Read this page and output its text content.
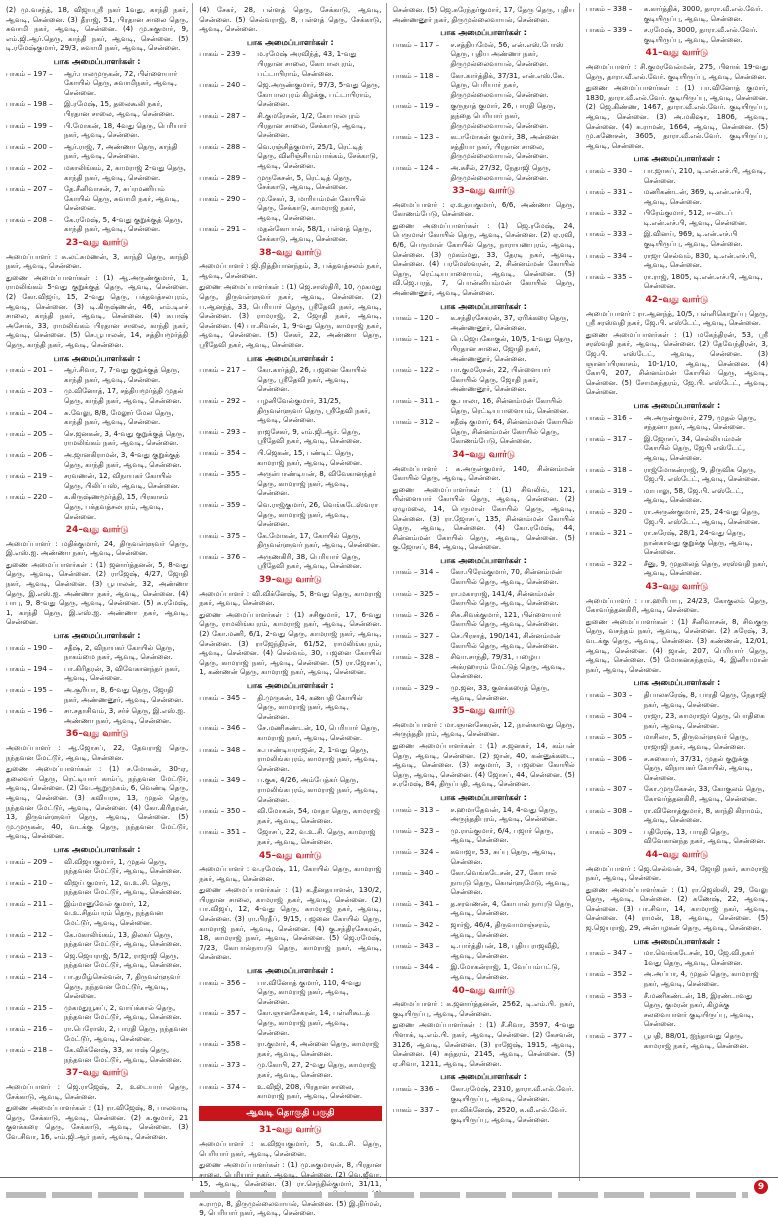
(2) மு.வசந்த், 18, விஜயஸ்ரீ நகர் 1வது, காந்தி நகர், ஆவடி, சென்னை. (3) தீராஜ், 51, பிரதான சாலை தெரு, சுவாமி நகர், ஆவடி, சென்னை. (4) மு.சுகுமார், 9, எம்.ஜி.ஆர்.தெரு, காந்தி நகர், ஆவடி, சென்னை. (5) டி.ரமேஷ்குமார், 29/3, சுவாமி நகர், ஆவடி, சென்னை.
பாக அமைப்பாளர்கள் :
பாகம் – 197 –	ஆர்.பாலமுருகன், 72, பிள்ளையார் கோயில் தெரு, சுவாமிநகர், ஆவடி, சென்னை.
பாகம் – 198 –	இ.ரமேஷ், 15, தலைகூலி நகர், பிரதான சாலை, ஆவடி, சென்னை.
பாகம் – 199 –	பி.மோகன், 18, 4வது தெரு, பெரியார் நகர், ஆவடி, சென்னை.
பாகம் – 200 –	ஆர்.ராஜ், 7, அண்ணா தெரு, காந்தி நகர், ஆவடி, சென்னை.
பாகம் – 202 –	மகாலிங்கம், 2, காமராஜ் 2-வது தெரு, காந்தி நகர், ஆவடி, சென்னை.
பாகம் – 207 –	தே.சீனிவாசன், 7, சுப்ரமணியம் கோயில் தெரு, சுவாமி நகர், ஆவடி, சென்னை.
பாகம் – 208 –	கே.ரமேஷ், 5, 4-வது குறுக்குத் தெரு, காந்தி நகர், ஆவடி, சென்னை.
23–வது வார்டு
அமைப்பாளர் : சு.லட்சுமணன், 3, காந்தி தெரு, காந்தி நகர், ஆவடி, சென்னை.
துணை அமைப்பாளர்கள் : (1) ஆ.அருண்குமார், 1, ராமலிங்கம் 5-வது குறுக்குத் தெரு, ஆவடி, சென்னை. (2) கோ.விஜய், 15, 2-வது தெரு, பக்தவத்சலபுரம், ஆவடி, சென்னை. (3) டி.கிருஷ்ணன், 46, எம்.டிஎச் சாலை, காந்தி நகர், ஆவடி, சென்னை. (4) சுபாஷ் அசோக், 33, ராமலிங்கம் பிரதான சாலை, காந்தி நகர், ஆவடி, சென்னை. (5) செ.பூபாலன், 14, சத்தியமூர்த்தி தெரு, காந்தி நகர், ஆவடி, சென்னை.
பாக அமைப்பாளர்கள் :
பாகம் – 201 –	ஆர்.சிவா, 7, 7-வது குறுக்குத் தெரு, காந்தி நகர், ஆவடி, சென்னை.
பாகம் – 203 –	மு.வினோத், 17, சத்தியமூர்த்தி முதல் தெரு, காந்தி நகர், ஆவடி, சென்னை.
பாகம் – 204 –	சு.வேலு, 8/8, மேலூர் மேல தெரு, காந்தி நகர், ஆவடி, சென்னை.
பாகம் – 205 –	செ.ஜனகன், 3, 4-வது குறுக்குத் தெரு, ராமலிங்கம் நகர், ஆவடி, சென்னை.
பாகம் – 206 –	அ.ஜானகிராமன், 3, 4-வது குறுக்குத் தெரு, காந்தி நகர், ஆவடி, சென்னை.
பாகம் – 219 –	சரவணன், 12, விநாயகர் கோயில் தெரு, பிலிப்பஸ், ஆவடி, சென்னை.
பாகம் – 220 –	க.கிருஷ்ணமூர்த்தி, 15, பிரகாசம் தெரு, பக்தவத்சலபுரம், ஆவடி, சென்னை.
24–வது வார்டு
அமைப்பாளர் : மதிக்குமார், 24, திருவள்ளுவர் தெரு, இ.எஸ்.ஐ. அண்ணா நகர், ஆவடி, சென்னை.
துணை அமைப்பாளர்கள் : (1) ஜனார்த்தனன், 5, 8-வது தெரு, ஆவடி, சென்னை. (2) ராஜேஷ், 4/27, ஜோதி நகர், ஆவடி, சென்னை. (3) பூபாலன், 32, அண்ணா தெரு, இ.எஸ்.ஐ. அண்ணா நகர், ஆவடி, சென்னை. (4) பாபு, 9, 8-வது தெரு, ஆவடி, சென்னை. (5) சு.ரமேஷ், 1, காந்தி தெரு, இ.எஸ்.ஐ. அண்ணா நகர், ஆவடி, சென்னை.
பாக அமைப்பாளர்கள் :
பாகம் – 190 –	சதீஷ், 2, விநாயகர் கோயில் தெரு, நாகம்மை நகர், ஆவடி, சென்னை.
பாகம் – 194 –	பா.கிரிதரன், 3, விவேகானந்தர் நகர், ஆவடி, சென்னை.
பாகம் – 195 –	அ.சூரியா, 8, 6-வது தெரு, ஜோதி நகர், அண்ணனூர், ஆவடி, சென்னை.
பாகம் – 196 –	சா.சதாசிவம், 3, சர்ச் தெரு, இ.எஸ்.ஐ. அண்ணா நகர், ஆவடி, சென்னை.
36–வது வார்டு
அமைப்பாளர் : ஆ.ஜோசப், 22, தேவராஜ் தெரு, நந்தவன மேட்டூர், ஆவடி, சென்னை.
துணை அமைப்பாளர்கள் : (1) ச.மோகன், 30-ஏ, தலைவர் தெரு, ரெட்டியார் காம்ப், நந்தவன மேட்டூர், ஆவடி, சென்னை. (2) வே.ஆறுமுகம், 6, வெண்டி தெரு, ஆவடி, சென்னை. (3) கவியரசு, 13, முதல் தெரு, நந்தவன மேட்டூர், ஆவடி, சென்னை. (4) கோ.கிரிதரன், 13, திருவள்ளுவர் தெரு, ஆவடி, சென்னை. (5) மு.முருகன், 40, வடக்கு தெரு, நந்தவன மேட்டூர், ஆவடி, சென்னை.
பாக அமைப்பாளர்கள் :
பாகம் – 209 –	வி.விஜயகுமார், 1, முதல் தெரு, நந்தவன மேட்டூர், ஆவடி, சென்னை.
பாகம் – 210 –	விஜய் குமார், 12, வ.உ.சி. தெரு, நந்தவன மேட்டூர், ஆவடி, சென்னை.
பாகம் – 211 –	இம்மானுவேல் குமார், 12, வ.உ.சிதம்பரம் தெரு, நந்தவன மேட்டூர், ஆவடி, சென்னை.
பாகம் – 212 –	கே.மகாலிங்கம், 13, திலகர் தெரு, நந்தவன மேட்டூர், ஆவடி, சென்னை.
பாகம் – 213 –	ஜெ.ஜெயராஜ், 5/12, ராஜாஜி தெரு, நந்தவன மேட்டூர், ஆவடி, சென்னை.
பாகம் – 214 –	பா.தமிழ்செல்வன், 7, திருவள்ளுவர் தெரு, நந்தவன மேட்டூர், ஆவடி, சென்னை.
பாகம் – 215 –	முகமதுயூசுப், 2, வாய்க்கால் தெரு, நந்தவன மேட்டூர், ஆவடி, சென்னை.
பாகம் – 216 –	ரா.பெரோஸ், 2, பாரதி தெரு, நந்தவன மேட்டூர், ஆவடி, சென்னை.
பாகம் – 218 –	கே.விக்னேஷ், 33, சுபாஷ் தெரு, நந்தவன மேட்டூர், ஆவடி, சென்னை.
37–வது வார்டு
அமைப்பாளர் : ஜெ.ராஜேஷ், 2, உடையார் தெரு, சேக்காடு, ஆவடி, சென்னை.
துணை அமைப்பாளர்கள் : (1) ரா.விஜேஷ், 8, பாலவாடி தெரு, சேக்காடு, ஆவடி, சென்னை. (2) க.குமார், 21 குளக்கரை தெரு, சேக்காடு, ஆவடி, சென்னை. (3) வே.சிவா, 16, எம்.ஜி.ஆர் நகர், ஆவடி, சென்னை.
(4) சேகர், 28, பள்ளத் தெரு, சேக்காடு, ஆவடி, சென்னை. (5) செல்வராஜ், 8, பள்ளத் தெரு, சேக்காடு, ஆவடி, சென்னை.
பாக அமைப்பாளர்கள் :
பாகம் – 239 –	ம.ரமேஷ் அரவிந்த், 43, 1-வது பிரதான சாலை, கோபாலபுரம், பட்டாபிராம், சென்னை.
பாகம் – 240 –	ஜெ.அருண்குமார், 97/3, 5-வது தெரு, கோபாலபுரம் கிழக்கு, பட்டாபிராம், சென்னை.
பாகம் – 287 –	சி.குமரேசன், 1/2, கோபாலபுரம் பிரதான சாலை, சேக்காடு, ஆவடி, சென்னை.
பாகம் – 288 –	வெ.ரஞ்சித்குமார், 25/1, ரெட்டித் தெரு, விளிஞ்சியம்பாக்கம், சேக்காடு, ஆவடி, சென்னை.
பாகம் – 289 –	முருகேசன், 5, ரெட்டித் தெரு, சேக்காடு, ஆவடி, சென்னை.
பாகம் – 290 –	மு.சேகர், 3, மாரியம்மன் கோயில் தெரு, சேக்காடு, காமராஜ் நகர், ஆவடி, சென்னை.
பாகம் – 291 –	மதன்கோபால், 58/1, பள்ளத் தெரு, சேக்காடு, ஆவடி, சென்னை.
38–வது வார்டு
அமைப்பாளர் : ஜி.நித்தியானந்தம், 3, பக்தவத்சலம் நகர், ஆவடி, சென்னை.
துணை அமைப்பாளர்கள் : (1) ஜெ.சாஸ்திரி, 10, முகமது தெரு, திருவள்ளுவர் நகர், ஆவடி, சென்னை. (2) ப.ஆனந்த், 33, பெரியார் தெரு, ஸ்ரீதேவி நகர், ஆவடி, சென்னை. (3) ராமராஜ், 2, ஜோதி நகர், ஆவடி, சென்னை. (4) பா.சிவன், 1, 9-வது தெரு, காமராஜ் நகர், ஆவடி, சென்னை. (5) சேகர், 22, அண்ணா தெரு, ஸ்ரீதேவி நகர், ஆவடி, சென்னை.
பாக அமைப்பாளர்கள் :
பாகம் – 217 –	கோ.கார்த்தி, 26, பஜனை கோயில் தெரு, ஸ்ரீதேவி நகர், ஆவடி, சென்னை.
பாகம் – 292 –	பழனிவேல்குமார், 31/25, திருவள்ளுவர் தெரு, ஸ்ரீதேவி நகர், ஆவடி, சென்னை.
பாகம் – 293 –	ராஜசேகர், 9, எம்.ஜி.ஆர். தெரு, ஸ்ரீதேவி நகர், ஆவடி, சென்னை.
பாகம் – 354 –	பி.ஜெகன், 15, பண்டிட் தெரு, காமராஜ் நகர், ஆவடி, சென்னை.
பாகம் – 355 –	அருள்பாண்டியன், 8, விவேகானந்தர் தெரு, காமராஜ் நகர், ஆவடி, சென்னை.
பாகம் – 359 –	வெ.ராஜ்குமார், 26, வெங்கடேஸ்வரா தெரு, காமராஜ் நகர், ஆவடி, சென்னை.
பாகம் – 375 –	கே.மோகன், 17, கோயில் தெரு, திருவள்ளுவர் நகர், ஆவடி, சென்னை.
பாகம் – 376 –	அருணகிரி, 38, பெரியார் தெரு, ஸ்ரீதேவி நகர், ஆவடி, சென்னை.
39–வது வார்டு
அமைப்பாளர் : வி.விக்னேஷ், 5, 8-வது தெரு, காமராஜ் நகர், ஆவடி, சென்னை.
துணை அமைப்பாளர்கள் : (1) சசிகுமார், 17, 6-வது தெரு, ராமலிங்கபுரம், காமராஜ் நகர், ஆவடி, சென்னை. (2) கோ.மணி, 6/1, 2-வது தெரு, காமராஜ் நகர், ஆவடி, சென்னை. (3) ராஜேந்திரன், 61/52, ராமலிங்கபுரம், ஆவடி, சென்னை. (4) செல்வம், 30, பஜனை கோயில் தெரு, காமராஜ் நகர், ஆவடி, சென்னை. (5) ரா.ஜோசப், 1, கண்ணன் தெரு, காமராஜ் நகர், ஆவடி, சென்னை.
பாக அமைப்பாளர்கள் :
பாகம் – 345 –	தி.முருகன், 14, கணபதி கோயில் தெரு, காமராஜ் நகர், ஆவடி, சென்னை.
பாகம் – 346 –	சே.மணிகண்டன், 10, பெரியார் தெரு, காமராஜ் நகர், ஆவடி, சென்னை.
பாகம் – 348 –	சு.பாண்டியராஜன், 2, 1-வது தெரு, ராமலிங்கபுரம், காமராஜ் நகர், ஆவடி, சென்னை.
பாகம் – 349 –	ப.குசு, 4/26, அம்பேத்கர் தெரு, ராமலிங்கபுரம், காமராஜ் நகர், ஆவடி, சென்னை.
பாகம் – 350 –	வி.மோகன், 54, மாதா தெரு, காமராஜ் நகர், ஆவடி, சென்னை.
பாகம் – 351 –	ஜோசப், 22, வ.உ.சி. தெரு, காமராஜ் நகர், ஆவடி, சென்னை.
45–வது வார்டு
அமைப்பாளர் : வ.ரமேஷ், 11, கோயில் தெரு, காமராஜ் நகர், ஆவடி, சென்னை.
துணை அமைப்பாளர்கள் : (1) க.தீனதயாளன், 130/2, பிரதான சாலை, காமராஜ் நகர், ஆவடி, சென்னை. (2) பா.விஜய், 12, 4-வது தெரு, காமராஜ் நகர், ஆவடி, சென்னை. (3) ரா.பிரதீப், 9/15, பஜனை கோயில் தெரு, காமராஜ் நகர், ஆவடி, சென்னை. (4) கு.சந்திரசேகரன், 18, காமராஜ் நகர், ஆவடி, சென்னை. (5) ஜெ.ரமேஷ், 7/23, கோபால்நாயுடு தெரு, காமராஜ் நகர், ஆவடி, சென்னை.
பாக அமைப்பாளர்கள் :
பாகம் – 356 –	பா.வினோத் குமார், 110, 4-வது தெரு, காமராஜ் நகர், ஆவடி, சென்னை.
பாகம் – 357 –	கோ.ஞானசேகரன், 14, பள்ளிகூடத் தெரு, காமராஜ் நகர், ஆவடி, சென்னை.
பாகம் – 358 –	ரா.குமார், 4, அன்னை தெரு, காமராஜ் நகர், ஆவடி, சென்னை.
பாகம் – 373 –	மு.கோபி, 27, 2-வது தெரு, காமராஜ் நகர், ஆவடி, சென்னை.
பாகம் – 374 –	உ.விஜி, 208, பிரதான சாலை, காமராஜ் நகர், ஆவடி, சென்னை.
ஆவடி தொகுதி பகுதி
31–வது வார்டு
அமைப்பாளர் : க.விஜயகுமார், 5, வ.உ.சி. தெரு, பெரியார் நகர், ஆவடி, சென்னை.
துணை அமைப்பாளர்கள் : (1) மு.சுகுமாரன், 8, பிரதான சாலை, பெரியார் நகர், ஆவடி, சென்னை. (2) வெ.ஜீவா, 15, ஆவடி, சென்னை. (3) ரா.செந்தில்குமார், 31/11, சு.ராமு, 8, திருமுல்லைவாயல், சென்னை. (5) இ.நிர்மல், 9, பெரியார் நகர், ஆவடி, சென்னை.
சென்னை. (5) ஜெ.சுரேந்தர்குமார், 17, தேரு தெரு, புதிய அண்ணனூர் நகர், திருமுல்லைவாயல், சென்னை.
பாக அமைப்பாளர்கள் :
பாகம் – 117 –	ச.சத்தியமேல், 56, என்.எஸ்.போஸ் தெரு, புதிய அண்ணா நகர், திருமுல்லைவாயல், சென்னை.
பாகம் – 118 –	கோ.கார்த்திக், 37/31, என்.எஸ்.கே. தெரு, பெரியார் நகர், திருமுல்லைவாயல், சென்னை.
பாகம் – 119 –	குருநாத் குமார், 26, பாரதி தெரு, தந்தை பெரியார் நகர், திருமுல்லைவாயல், சென்னை.
பாகம் – 123 –	கடாமோகன் குமார், 38, அன்னை சத்தியா நகர், பிரதான சாலை, திருமுல்லைவாயல், சென்னை.
பாகம் – 124 –	அ.சுசீல், 27/32, நேதாஜி தெரு, திருமுல்லைவாயல், சென்னை.
33–வது வார்டு
அமைப்பாளர் : ஏ.உதயகுமார், 6/6, அண்ணா தெரு, கோணம்பேடு, சென்னை.
துணை அமைப்பாளர்கள் : (1) ஜெ.ரமேஷ், 24, பெருமாள் கோயில் தெரு, ஆவடி, சென்னை. (2) ஏ.ரவி, 6/6, பெருமாள் கோயில் தெரு, நாராயணபுரம், ஆவடி, சென்னை. (3) முகம்மது, 33, தேரடி நகர், ஆவடி, சென்னை. (4) பரமேஸ்வரன், 2, சின்னம்மன் கோயில் தெரு, ரெட்டியபாளையம், ஆவடி, சென்னை. (5) வி.ஜெ.பரத், 7, பொன்னியம்மன் கோயில் தெரு, அண்ணனூர், ஆவடி, சென்னை.
பாக அமைப்பாளர்கள் :
பாகம் – 120 –	க.சந்திரசேகரன், 37, ஏரிக்கரை தெரு, அண்ணனூர், சென்னை.
பாகம் – 121 –	பெ.ஜெயகோகுல், 10/5, 1-வது தெரு, பிரதான சாலை, ஜோதி நகர், அண்ணனூர், சென்னை.
பாகம் – 122 –	பா.குமரேசன், 22, பிள்ளையார் கோயில் தெரு, ஜோதி நகர், அண்ணனூர், சென்னை.
பாகம் – 311 –	கு.பாலா, 16, சின்னம்மன் கோயில் தெரு, ரெட்டியபாளையம், சென்னை.
பாகம் – 312 –	சதீஷ் குமார், 64, சின்னம்மன் கோயில் தெரு, சின்னம்மன் கோயில் தெரு, கோணம்பேடு, சென்னை.
34–வது வார்டு
அமைப்பாளர் : க.அருள்குமார், 140, சின்னம்மன் கோயில் தெரு, ஆவடி, சென்னை.
துணை அமைப்பாளர்கள் : (1) சிவலிங், 121, பிள்ளையார் கோயில் தெரு, ஆவடி, சென்னை. (2) ஏழுமலை, 14, பெருமாள் கோயில் தெரு, ஆவடி, சென்னை. (3) ரா.ஜோசப், 135, சின்னம்மன் கோயில் தெரு, ஆவடி, சென்னை. (4) கோ.ரமேஷ், 44, சின்னம்மன் கோயில் தெரு, ஆவடி, சென்னை. (5) கு.ஜோசப், 84, ஆவடி, சென்னை.
பாக அமைப்பாளர்கள் :
பாகம் – 314 –	கோ.பிரேம்குமார், 70, சின்னம்மன் கோயில் தெரு, ஆவடி, சென்னை.
பாகம் – 325 –	ரா.மகாராஜ், 141/4, சின்னம்மன் கோயில் தெரு, ஆவடி, சென்னை.
பாகம் – 326 –	சிசு.சிவக்குமார், 121, பிள்ளையார் கோயில் தெரு, ஆவடி, சென்னை.
பாகம் – 327 –	செ.பிரசாத், 190/141, சின்னம்மன் கோயில் தெரு, ஆவடி, சென்னை.
பாகம் – 328 –	சிவா.சாந்தி, 79/31, பழைய அக்ரஹாரம் மேட்டுத் தெரு, ஆவடி, சென்னை.
பாகம் – 329 –	மு.ஜன, 33, குளக்கரைத் தெரு, ஆவடி, சென்னை.
35–வது வார்டு
அமைப்பாளர் : மா.ஞானசேகரன், 12, நான்காவது தெரு, அருந்ததிபுரம், ஆவடி, சென்னை.
துணை அமைப்பாளர்கள் : (1) ச.ஜனகர், 14, கம்பன் தெரு, ஆவடி, சென்னை. (2) ஜான், 40, கன்னுக்கடை, ஆவடி, சென்னை. (3) சுகுமார், 3, பஜனை கோயில் தெரு, ஆவடி, சென்னை. (4) ஜோசப், 44, சென்னை. (5) ச.ரமேஷ், 84, திருப்பதி, ஆவடி, சென்னை.
பாக அமைப்பாளர்கள் :
பாகம் – 313 –	ச.ஹமாதேவன், 14, 4-வது தெரு, அருந்ததிபுரம், ஆவடி, சென்னை.
பாகம் – 323 –	மு.ராம்குமார், 6/4, பஜார் தெரு, ஆவடி, சென்னை.
பாகம் – 324 –	கவாஜா, 53, சுப்பு தெரு, ஆவடி, சென்னை.
பாகம் – 340 –	கோ.வெங்கடேசன், 27, கோபால் நாயுடு தெரு, கொள்ளுமேடு, ஆவடி, சென்னை.
பாகம் – 341 –	த.சரவணன், 4, கோபால் நாயுடு தெரு, ஆவடி, சென்னை.
பாகம் – 342 –	ஜார்ஜ், 46/4, திருவாமாஞ்சரம், ஆவடி, சென்னை.
பாகம் – 343 –	டி.பார்த்திபன், 18, புதிய ராஜவீதி, ஆவடி, சென்னை.
பாகம் – 344 –	இ.மோகன்ராஜ், 1, வேப்பம்பட்டு, ஆவடி, சென்னை.
40–வது வார்டு
அமைப்பாளர் : க.ஜனார்த்தனன், 2562, டி.எம்.பி. நகர், குடியிருப்பு, ஆவடி, சென்னை.
துணை அமைப்பாளர்கள் : (1) சீ.சிவா, 3597, 4-வது பிளாக், டி.எம்.பி. நகர், ஆவடி, சென்னை. (2) கேசவன், 3126, ஆவடி, சென்னை. (3) ராஜேஷ், 1915, ஆவடி, சென்னை. (4) சுந்தரம், 2145, ஆவடி, சென்னை. (5) ஏ.சிவா, 1211, ஆவடி, சென்னை.
பாக அமைப்பாளர்கள் :
பாகம் – 336 –	கோ.ரமேஷ், 2310, தாரா.வீ.எல்.வேர். குடியிருப்பு, ஆவடி, சென்னை.
பாகம் – 337 –	ரா.விக்னேஷ், 2520, சு.வீ.எல்.வேர். குடியிருப்பு, ஆவடி, சென்னை.
பாகம் – 338 –	க.கார்த்திக், 3000, தாரா.வீ.எல்.வேர். குடியிருப்பு, ஆவடி, சென்னை.
பாகம் – 339 –	ச.ரமேஷ், 3000, தாரா.வீ.எல்.வேர். குடியிருப்பு, ஆவடி, சென்னை.
41–வது வார்டு
அமைப்பாளர் : சி.குமரவேல்மன், 275, பிளாக் 19-வது தெரு, தாரா.வீ.எல்.வேர். குடியிருப்பு, ஆவடி, சென்னை.
துணை அமைப்பாளர்கள் : (1) பா.வினோத் குமார், 1830, தாரா.வீ.எல்.வேர். குடியிருப்பு, ஆவடி, சென்னை. (2) ஜெ.கிண்ண, 1467, தாரா.வீ.எல்.வேர். குடியிருப்பு, ஆவடி, சென்னை. (3) அ.மகிஷா, 1806, ஆவடி, சென்னை. (4) சு.ராமன், 1664, ஆவடி, சென்னை. (5) மு.கணேசன், 3605, தாரா.வீ.எல்.வேர். குடியிருப்பு, ஆவடி, சென்னை.
பாக அமைப்பாளர்கள் :
பாகம் – 330 –	பா.ஜாசுப், 210, டி.என்.எச்.பி, ஆவடி, சென்னை.
பாகம் – 331 –	மணிகண்டன், 369, டி.என்.எச்.பி, ஆவடி, சென்னை.
பாகம் – 332 –	பிரேம்குமார், 512, ஈ–டைப் டி.என்.எச்.பி, ஆவடி, சென்னை.
பாகம் – 333 –	இ.வினய், 969, டி.என்.எச்.பி குடியிருப்பு, ஆவடி, சென்னை.
பாகம் – 334 –	ராஜா செல்வம், 830, டி.என்.எச்.பி, ஆவடி, சென்னை.
பாகம் – 335 –	ரா.ராஜ், 1805, டி.என்.எச்.பி, ஆவடி, சென்னை.
42–வது வார்டு
அமைப்பாளர் : ரா.ஆனந்த், 10/5, பள்ளிகொறுப்பு தெரு, ஸ்ரீ சரஸ்வதி நகர், ஜே.பி. எஸ்டேட், ஆவடி, சென்னை.
துணை அமைப்பாளர்கள் : (1) மகேந்திரன், 53, ஸ்ரீ சரஸ்வதி நகர், ஆவடி, சென்னை. (2) தேவேந்திரன், 3, ஜே.பி. எஸ்டேட், ஆவடி, சென்னை. (3) ஞானப்பிரகாசம், 10-1/10, ஆவடி, சென்னை. (4) கோபி, 207, சின்னம்மன் கோயில் தெரு, ஆவடி, சென்னை. (5) சோமசுந்தரம், ஜே.பி. எஸ்டேட், ஆவடி, சென்னை.
பாக அமைப்பாளர்கள் :
பாகம் – 316 –	அ.அருள்குமார், 279, முதல் தெரு, சந்தனா நகர், ஆவடி, சென்னை.
பாகம் – 317 –	இ.ஜோசப், 34, செல்லியம்மன் கோயில் தெரு, ஜேபி எஸ்டேட், ஆவடி, சென்னை.
பாகம் – 318 –	ராஜ்மோகன்ராஜ், 9, திருவிக தெரு, ஜே.பி. எஸ்டேட், ஆவடி, சென்னை.
பாகம் – 319 –	மாபாலு, 58, ஜே.பி. எஸ்டேட், ஆவடி, சென்னை.
பாகம் – 320 –	ரா.அருண்குமார், 25, 24-வது தெரு, ஜே.பி. எஸ்டேட், ஆவடி, சென்னை.
பாகம் – 321 –	ரா.சுரேஷ், 28/1, 24-வது தெரு, நான்காவது குறுக்கு தெரு, ஆவடி, சென்னை.
பாகம் – 322 –	சீனு, 9, முதலைத் தெரு, சரஸ்வதி நகர், ஆவடி, சென்னை.
43–வது வார்டு
அமைப்பாளர் : பா.ஹரிபாபு, 24/23, கோகுலம் தெரு, கோவர்த்தனகிரி, ஆவடி, சென்னை.
துணை அமைப்பாளர்கள் : (1) சீனிவாசன், 8, சிவகுரு தெரு, வசந்தம் நகர், ஆவடி, சென்னை. (2) சுரேஷ், 3, வடக்கு தெரு, ஆவடி, சென்னை. (3) கண்ணன், 12/01, ஆவடி, சென்னை. (4) ஜான், 207, பெரியார் தெரு, ஆவடி, சென்னை. (5) மோகனசுந்தரம், 4, இனியமான் நகர், ஆவடி, சென்னை.
பாக அமைப்பாளர்கள் :
பாகம் – 303 –	திபாலசுரேஷ், 8, பாரதி தெரு, நேதாஜி நகர், ஆவடி, சென்னை.
பாகம் – 304 –	ராஜா, 23, காமராஜர் தெரு, பொதிகை நகர், ஆவடி, சென்னை.
பாகம் – 305 –	மாசிலா, 5, திருவள்ளுவர் தெரு, ராஜாஜி நகர், ஆவடி, சென்னை.
பாகம் – 306 –	ச.சுகையர், 37/31, முதல் குறுக்கு தெரு, விநாயகர் கோயில், ஆவடி, சென்னை.
பாகம் – 307 –	கோ.முருகேசன், 33, கோகுலம் தெரு, கோவர்த்தனகிரி, ஆவடி, சென்னை.
பாகம் – 308 –	ரா.வினோத்குமார், 8, காந்தி கிராமம், ஆவடி, சென்னை.
பாகம் – 309 –	பதிரேஷ், 13, பாரதி தெரு, விவேகானந்த நகர், ஆவடி, சென்னை.
44–வது வார்டு
அமைப்பாளர் : ஜெ.செல்வன், 34, ஜோதி நகர், காமராஜ் நகர், ஆவடி, சென்னை.
துணை அமைப்பாளர்கள் : (1) ரா.ஜெஸ்லி, 29, வேலு தெரு, ஆவடி, சென்னை. (2) கணேஷ், 22, ஆவடி, சென்னை. (3) பா.சிவா, 14, காமராஜ் நகர், ஆவடி, சென்னை. (4) ராமன், 18, ஆவடி, சென்னை. (5) ஜ.ஜெயராஜ், 29, அன்பழகன் தெரு, ஆவடி, சென்னை.
பாக அமைப்பாளர்கள் :
பாகம் – 347 –	மா.வெங்கடேசன், 10, ஜே.வி.நகர் 1வது தெரு, ஆவடி, சென்னை.
பாகம் – 352 –	அ.அப்பா, 4, முதல் தெரு, காமராஜ் நகர், ஆவடி, சென்னை.
பாகம் – 353 –	சீ.மணிகண்டன், 18, இரண்டாவது தெரு, குமரன் நகர், கிழக்கு சலவையாளர் குடியிருப்பு, ஆவடி, சென்னை.
பாகம் – 377 –	பூபதி, 88/01, ஐந்தாவது தெரு, காமராஜ் நகர், ஆவடி, சென்னை.
9
